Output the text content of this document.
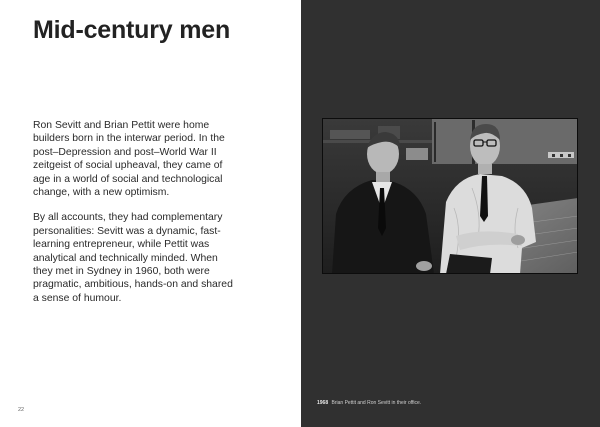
Mid-century men

Ron Sevitt and Brian Pettit were home builders born in the interwar period. In the post–Depression and post–World War II zeitgeist of social upheaval, they came of age in a world of social and technological change, with a new optimism.

By all accounts, they had complementary personalities: Sevitt was a dynamic, fast-learning entrepreneur, while Pettit was analytical and technically minded. When they met in Sydney in 1960, both were pragmatic, ambitious, hands-on and shared a sense of humour.

22
1968 Brian Pettit and Ron Sevitt in their office.
